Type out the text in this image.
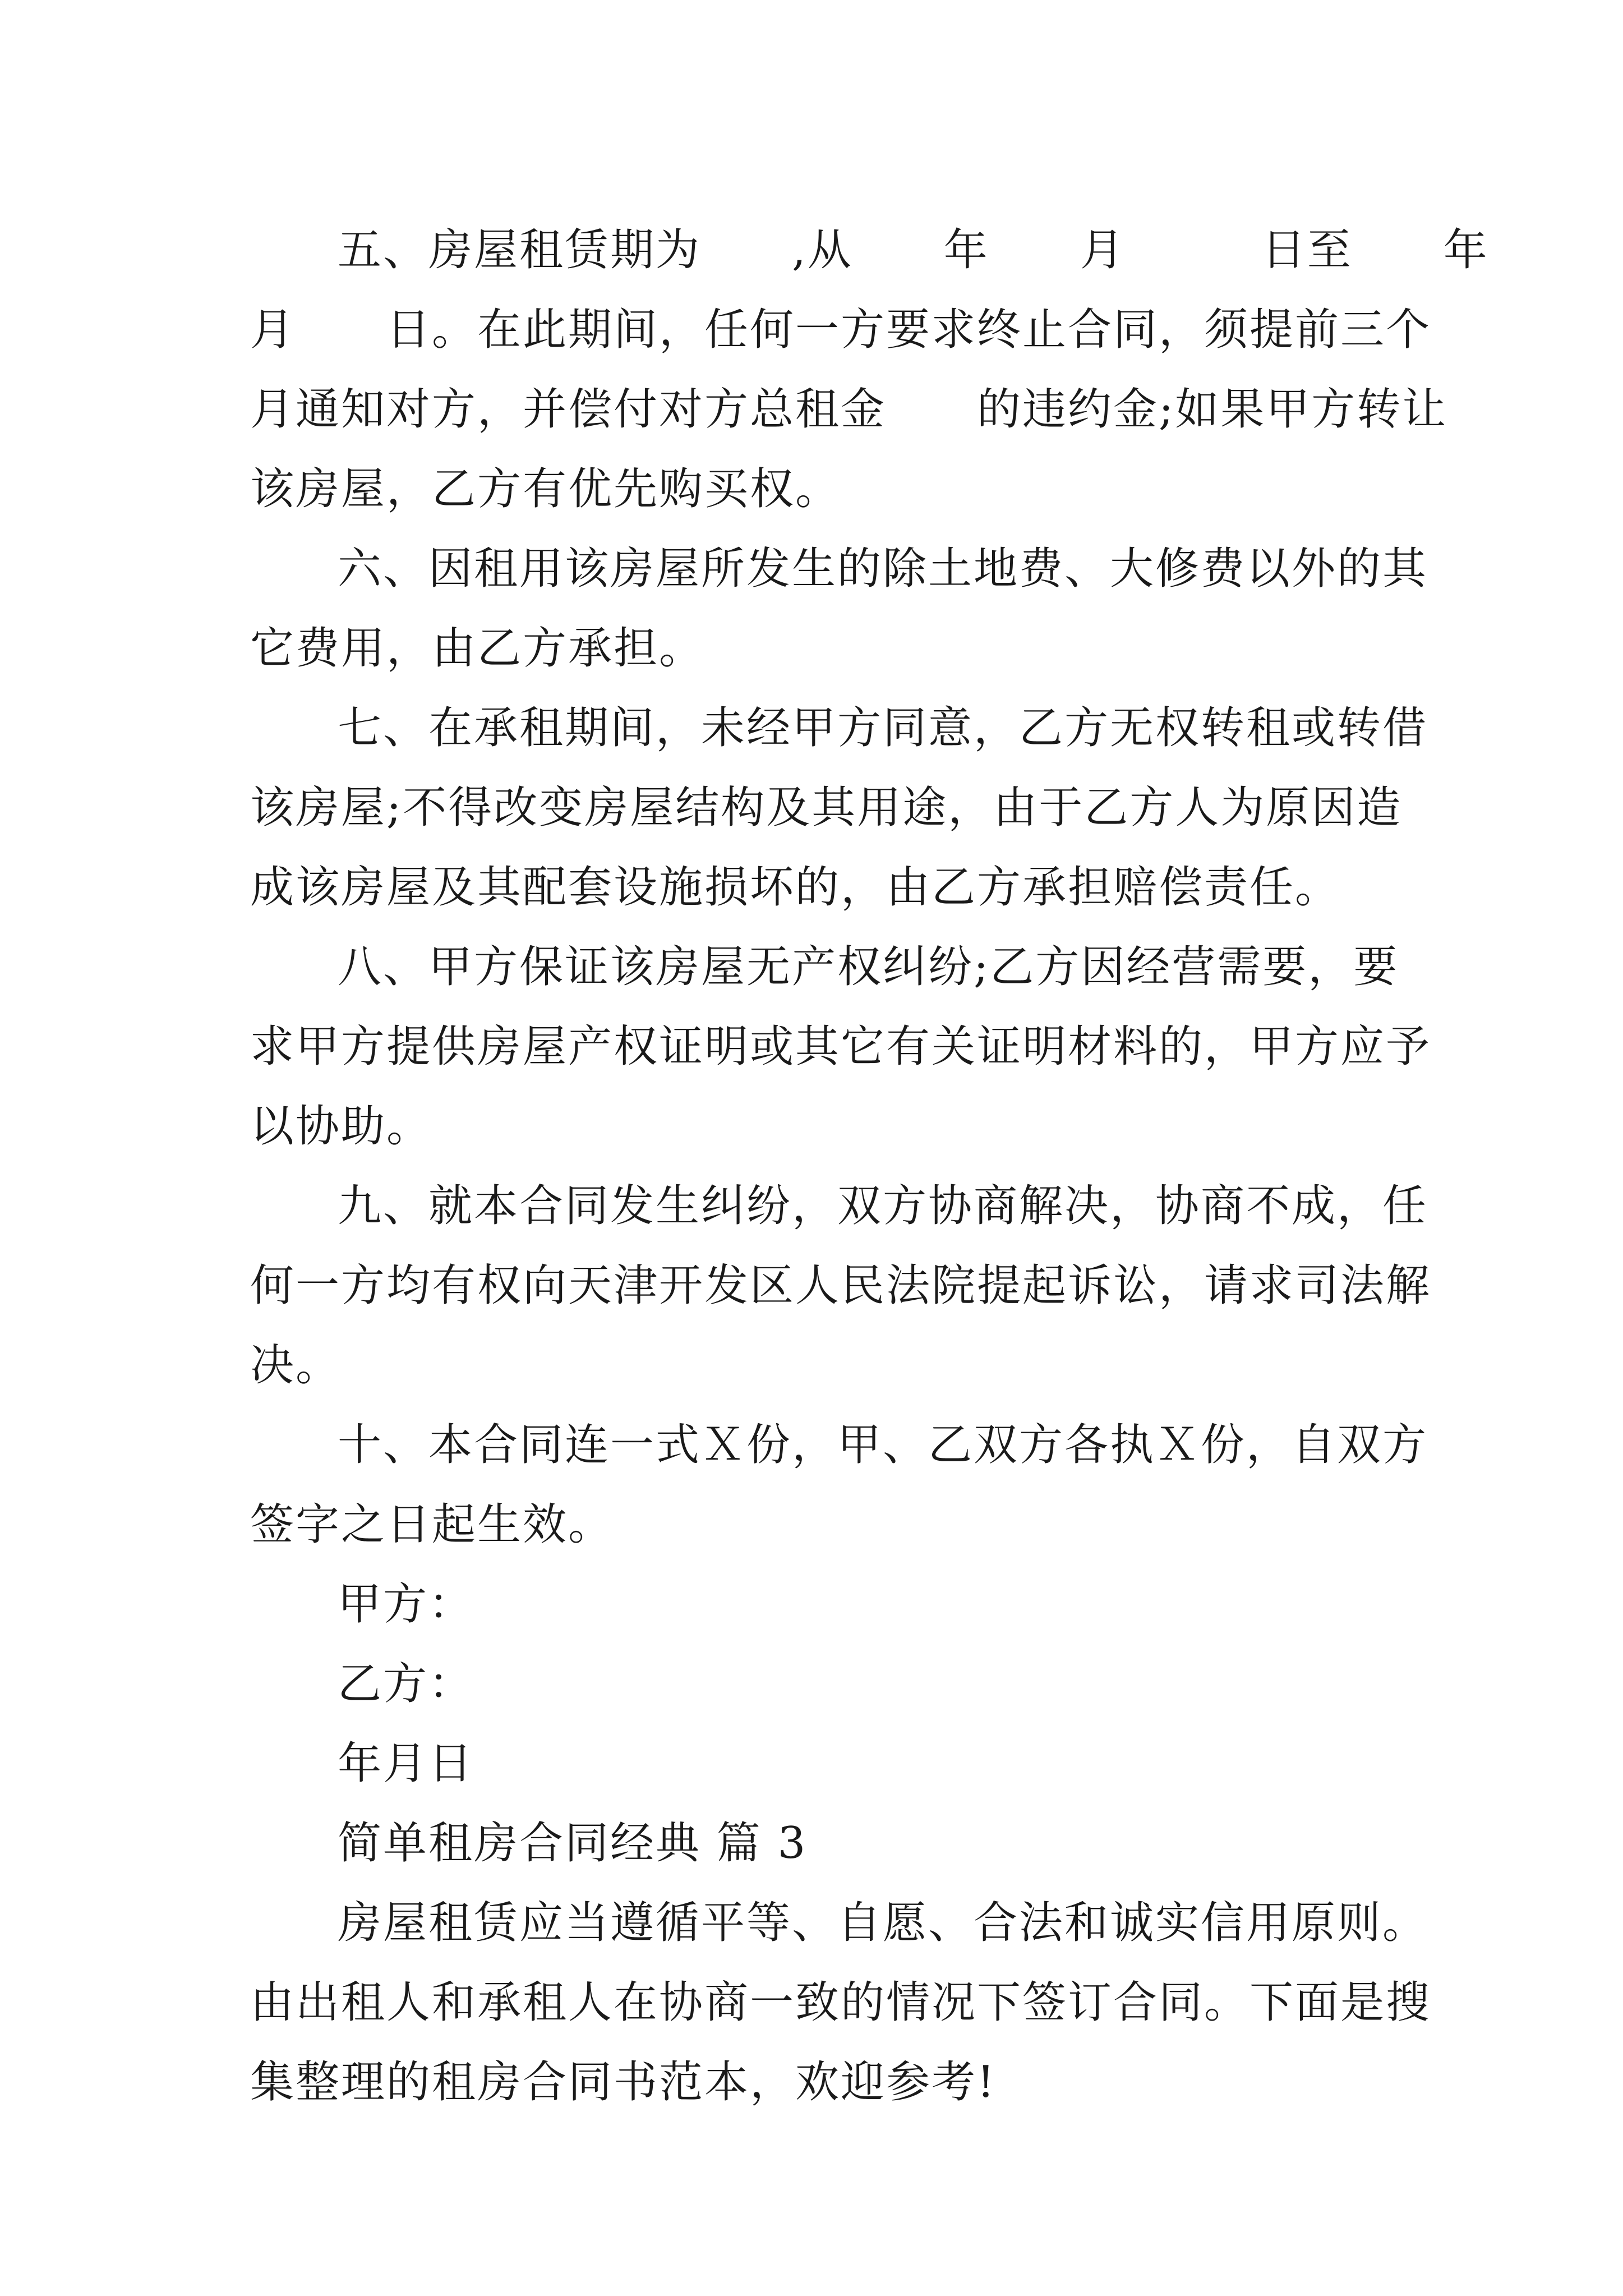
五、房屋租赁期为　　,从　　年　　月　　　日至　　年
月　　日。在此期间，任何一方要求终止合同，须提前三个
月通知对方，并偿付对方总租金　　的违约金;如果甲方转让
该房屋，乙方有优先购买权。
六、因租用该房屋所发生的除土地费、大修费以外的其
它费用，由乙方承担。
七、在承租期间，未经甲方同意，乙方无权转租或转借
该房屋;不得改变房屋结构及其用途，由于乙方人为原因造
成该房屋及其配套设施损坏的，由乙方承担赔偿责任。
八、甲方保证该房屋无产权纠纷;乙方因经营需要，要
求甲方提供房屋产权证明或其它有关证明材料的，甲方应予
以协助。
九、就本合同发生纠纷，双方协商解决，协商不成，任
何一方均有权向天津开发区人民法院提起诉讼，请求司法解
决。
十、本合同连一式Ｘ份，甲、乙双方各执Ｘ份，自双方
签字之日起生效。
甲方：
乙方：
年月日
简单租房合同经典 篇 3
房屋租赁应当遵循平等、自愿、合法和诚实信用原则。
由出租人和承租人在协商一致的情况下签订合同。下面是搜
集整理的租房合同书范本，欢迎参考!
